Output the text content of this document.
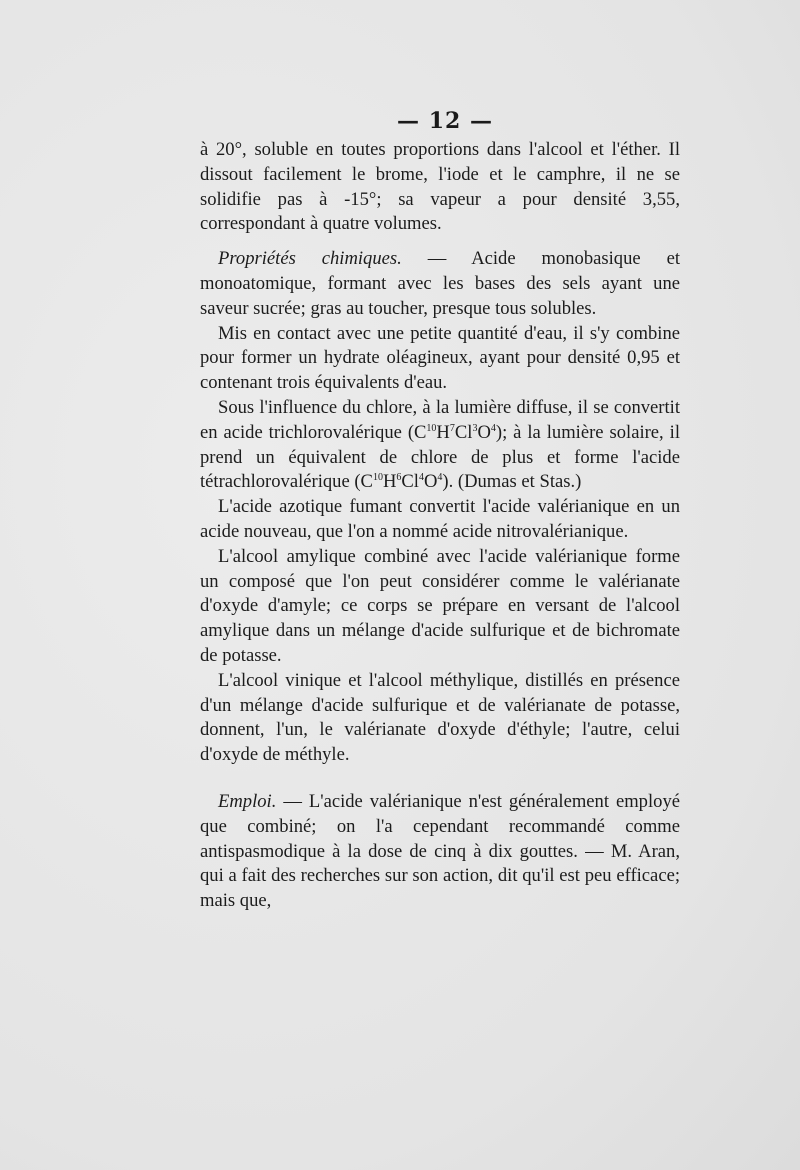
— 12 —

à 20°, soluble en toutes proportions dans l'alcool et l'éther. Il dissout facilement le brome, l'iode et le camphre, il ne se solidifie pas à -15°; sa vapeur a pour densité 3,55, correspondant à quatre volumes.

Propriétés chimiques. — Acide monobasique et monoatomique, formant avec les bases des sels ayant une saveur sucrée; gras au toucher, presque tous solubles.

Mis en contact avec une petite quantité d'eau, il s'y combine pour former un hydrate oléagineux, ayant pour densité 0,95 et contenant trois équivalents d'eau.

Sous l'influence du chlore, à la lumière diffuse, il se convertit en acide trichlorovalérique $(C^{10}H^7Cl^3O^4)$; à la lumière solaire, il prend un équivalent de chlore de plus et forme l'acide tétrachlorovalérique $(C^{10}H^6Cl^4O^4)$. (Dumas et Stas.)

L'acide azotique fumant convertit l'acide valérianique en un acide nouveau, que l'on a nommé acide nitrovalérianique.

L'alcool amylique combiné avec l'acide valérianique forme un composé que l'on peut considérer comme le valérianate d'oxyde d'amyle; ce corps se prépare en versant de l'alcool amylique dans un mélange d'acide sulfurique et de bichromate de potasse.

L'alcool vinique et l'alcool méthylique, distillés en présence d'un mélange d'acide sulfurique et de valérianate de potasse, donnent, l'un, le valérianate d'oxyde d'éthyle; l'autre, celui d'oxyde de méthyle.

Emploi. — L'acide valérianique n'est généralement employé que combiné; on l'a cependant recommandé comme antispasmodique à la dose de cinq à dix gouttes. — M. Aran, qui a fait des recherches sur son action, dit qu'il est peu efficace; mais que,
